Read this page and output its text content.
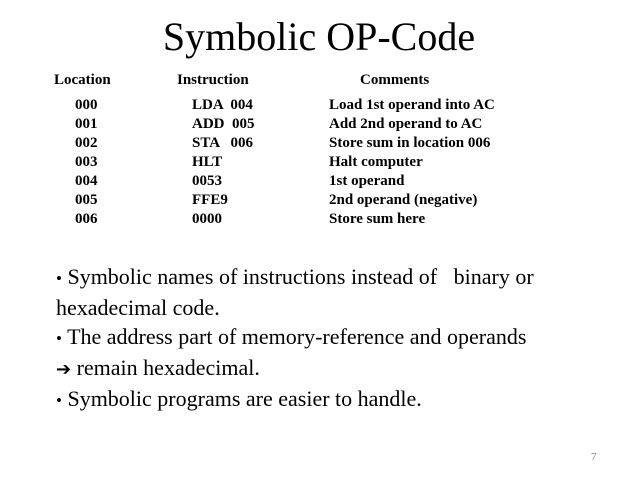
Symbolic OP-Code
Location	Instruction	Comments
000	LDA  004	Load 1st operand into AC
001	ADD  005	Add 2nd operand to AC
002	STA   006	Store sum in location 006
003	HLT	Halt computer
004	0053	1st operand
005	FFE9	2nd operand (negative)
006	0000	Store sum here
• Symbolic names of instructions instead of   binary or
hexadecimal code.
• The address part of memory-reference and operands
➔ remain hexadecimal.
• Symbolic programs are easier to handle.
7
